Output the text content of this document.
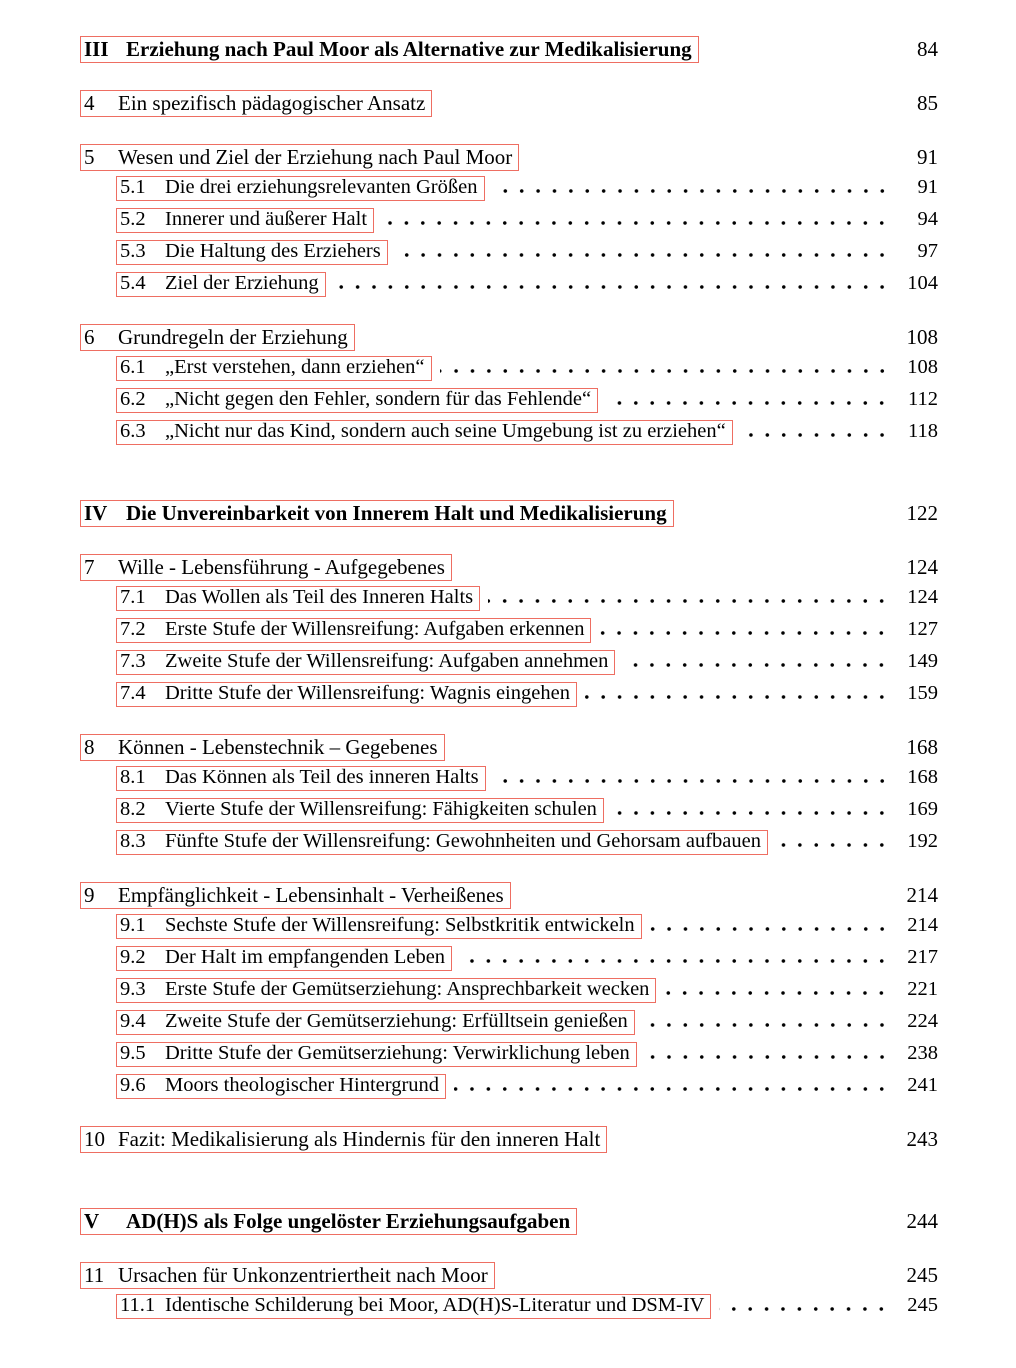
III Erziehung nach Paul Moor als Alternative zur Medikalisierung	84
4	Ein spezifisch pädagogischer Ansatz	85
5	Wesen und Ziel der Erziehung nach Paul Moor	91
5.1 Die drei erziehungsrelevanten Größen	91
5.2 Innerer und äußerer Halt	94
5.3 Die Haltung des Erziehers	97
5.4 Ziel der Erziehung	104
6	Grundregeln der Erziehung	108
6.1 „Erst verstehen, dann erziehen“	108
6.2 „Nicht gegen den Fehler, sondern für das Fehlende“	112
6.3 „Nicht nur das Kind, sondern auch seine Umgebung ist zu erziehen“	118
IV Die Unvereinbarkeit von Innerem Halt und Medikalisierung	122
7	Wille - Lebensführung - Aufgegebenes	124
7.1 Das Wollen als Teil des Inneren Halts	124
7.2 Erste Stufe der Willensreifung: Aufgaben erkennen	127
7.3 Zweite Stufe der Willensreifung: Aufgaben annehmen	149
7.4 Dritte Stufe der Willensreifung: Wagnis eingehen	159
8	Können - Lebenstechnik – Gegebenes	168
8.1 Das Können als Teil des inneren Halts	168
8.2 Vierte Stufe der Willensreifung: Fähigkeiten schulen	169
8.3 Fünfte Stufe der Willensreifung: Gewohnheiten und Gehorsam aufbauen	192
9	Empfänglichkeit - Lebensinhalt - Verheißenes	214
9.1 Sechste Stufe der Willensreifung: Selbstkritik entwickeln	214
9.2 Der Halt im empfangenden Leben	217
9.3 Erste Stufe der Gemütserziehung: Ansprechbarkeit wecken	221
9.4 Zweite Stufe der Gemütserziehung: Erfülltsein genießen	224
9.5 Dritte Stufe der Gemütserziehung: Verwirklichung leben	238
9.6 Moors theologischer Hintergrund	241
10 Fazit: Medikalisierung als Hindernis für den inneren Halt	243
V	AD(H)S als Folge ungelöster Erziehungsaufgaben	244
11 Ursachen für Unkonzentriertheit nach Moor	245
11.1 Identische Schilderung bei Moor, AD(H)S-Literatur und DSM-IV	245
